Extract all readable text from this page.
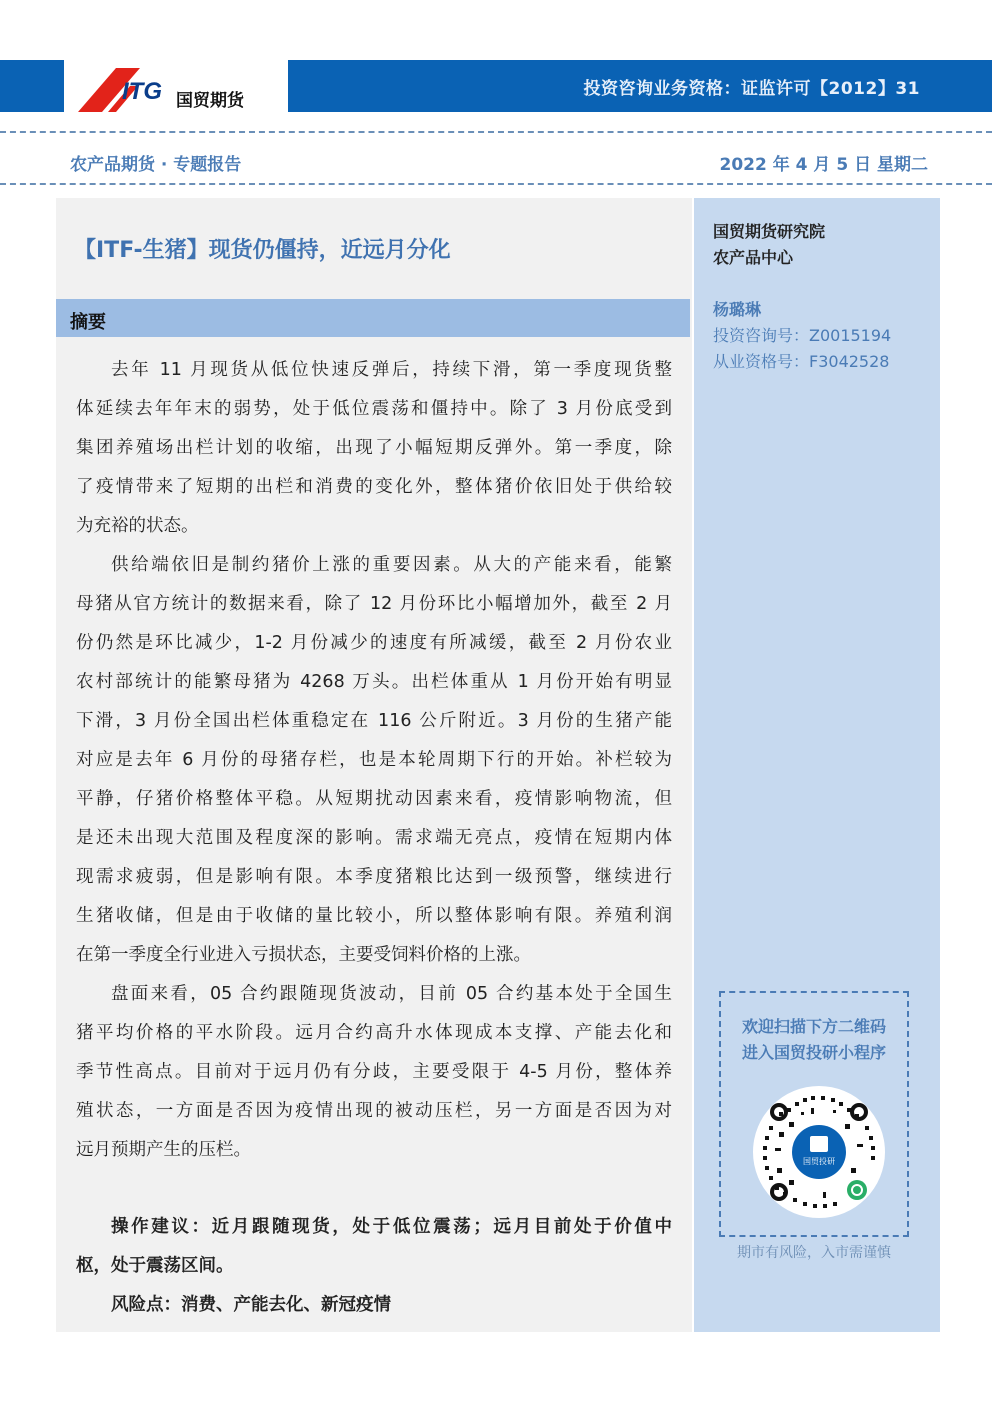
ITG 国贸期货
投资咨询业务资格：证监许可【2012】31
农产品期货 · 专题报告	2022 年 4 月 5 日 星期二
【ITF-生猪】现货仍僵持，近远月分化
摘要
去年 11 月现货从低位快速反弹后，持续下滑，第一季度现货整
体延续去年年末的弱势，处于低位震荡和僵持中。除了 3 月份底受到
集团养殖场出栏计划的收缩，出现了小幅短期反弹外。第一季度，除
了疫情带来了短期的出栏和消费的变化外，整体猪价依旧处于供给较
为充裕的状态。
供给端依旧是制约猪价上涨的重要因素。从大的产能来看，能繁
母猪从官方统计的数据来看，除了 12 月份环比小幅增加外，截至 2 月
份仍然是环比减少，1-2 月份减少的速度有所减缓，截至 2 月份农业
农村部统计的能繁母猪为 4268 万头。出栏体重从 1 月份开始有明显
下滑，3 月份全国出栏体重稳定在 116 公斤附近。3 月份的生猪产能
对应是去年 6 月份的母猪存栏，也是本轮周期下行的开始。补栏较为
平静，仔猪价格整体平稳。从短期扰动因素来看，疫情影响物流，但
是还未出现大范围及程度深的影响。需求端无亮点，疫情在短期内体
现需求疲弱，但是影响有限。本季度猪粮比达到一级预警，继续进行
生猪收储，但是由于收储的量比较小，所以整体影响有限。养殖利润
在第一季度全行业进入亏损状态，主要受饲料价格的上涨。
盘面来看，05 合约跟随现货波动，目前 05 合约基本处于全国生
猪平均价格的平水阶段。远月合约高升水体现成本支撑、产能去化和
季节性高点。目前对于远月仍有分歧，主要受限于 4-5 月份，整体养
殖状态，一方面是否因为疫情出现的被动压栏，另一方面是否因为对
远月预期产生的压栏。
操作建议：近月跟随现货，处于低位震荡；远月目前处于价值中
枢，处于震荡区间。
风险点：消费、产能去化、新冠疫情
国贸期货研究院
农产品中心
杨璐琳
投资咨询号：Z0015194
从业资格号：F3042528
欢迎扫描下方二维码
进入国贸投研小程序
国贸投研
期市有风险，入市需谨慎
